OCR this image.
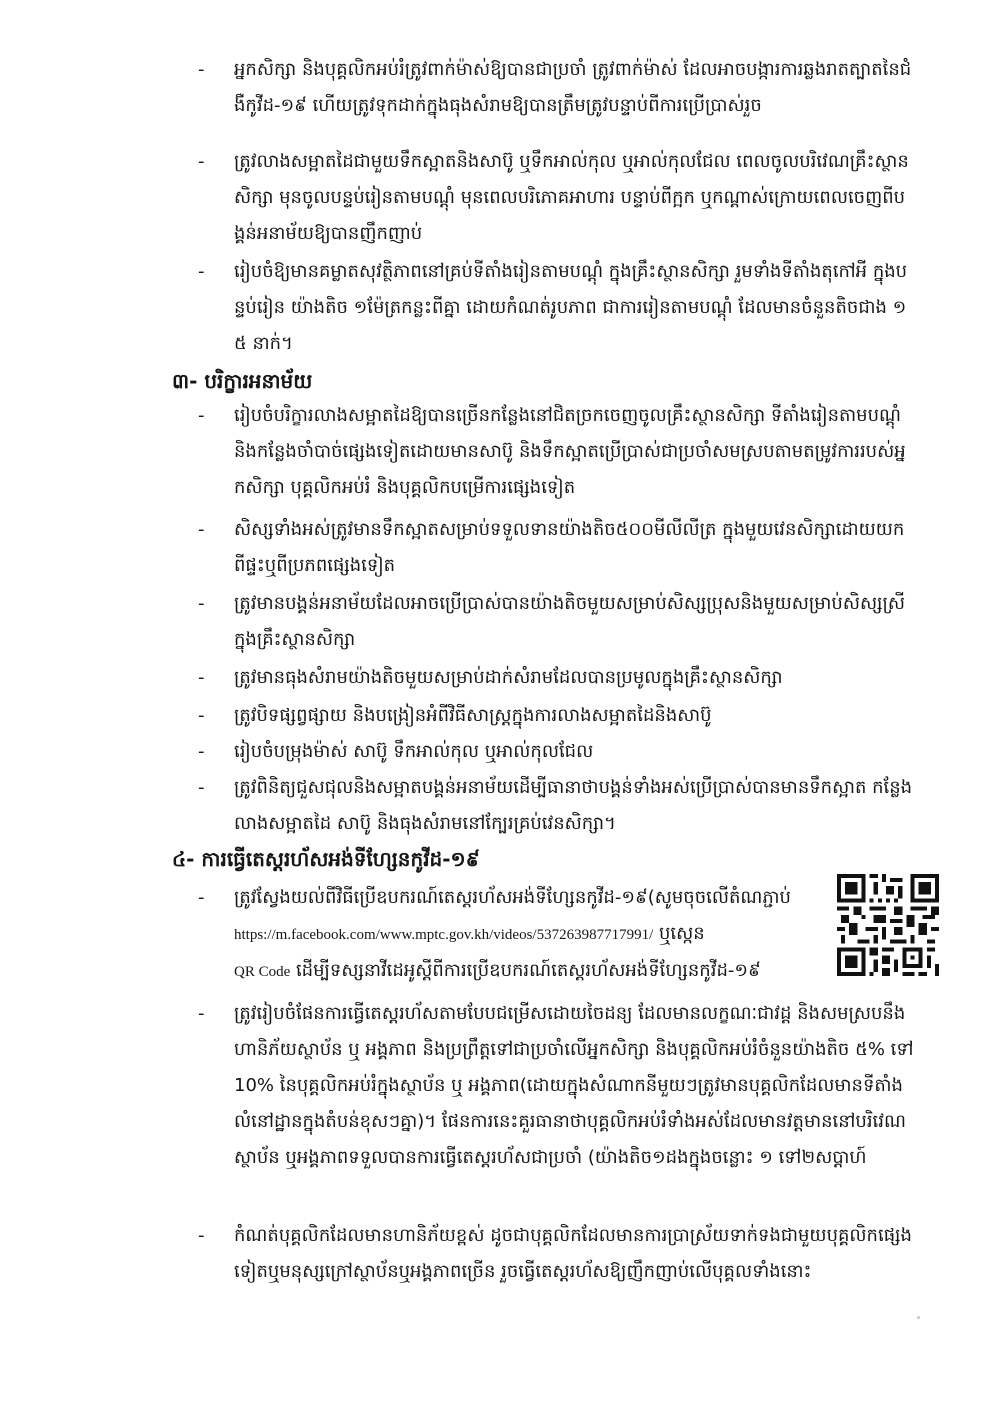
-	អ្នកសិក្សា និងបុគ្គលិកអប់រំត្រូវពាក់ម៉ាស់ឱ្យបានជាប្រចាំ ត្រូវពាក់ម៉ាស់ ដែលអាចបង្ការការឆ្លងរាតត្បាតនៃជំងឺកូវីដ-១៩ ហើយត្រូវទុកដាក់ក្នុងធុងសំរាមឱ្យបានត្រឹមត្រូវបន្ទាប់ពីការប្រើប្រាស់រួច
-	ត្រូវលាងសម្អាតដៃជាមួយទឹកស្អាតនិងសាប៊ូ ឬទឹកអាល់កុល ឬអាល់កុលជែល ពេលចូលបរិវេណគ្រឹះស្ថានសិក្សា មុនចូលបន្ទប់រៀនតាមបណ្ដុំ មុនពេលបរិភោគអាហារ បន្ទាប់ពីក្អក ឬកណ្ដាស់ក្រោយពេលចេញពីបង្គន់អនាម័យឱ្យបានញឹកញាប់
-	រៀបចំឱ្យមានគម្លាតសុវត្ថិភាពនៅគ្រប់ទីតាំងរៀនតាមបណ្ដុំ ក្នុងគ្រឹះស្ថានសិក្សា រួមទាំងទីតាំងតុកៅអី ក្នុងបន្ទប់រៀន យ៉ាងតិច ១ម៉ែត្រកន្លះពីគ្នា ដោយកំណត់រូបភាព ជាការរៀនតាមបណ្ដុំ ដែលមានចំនួនតិចជាង ១៥ នាក់។
៣- បរិក្ខារអនាម័យ
-	រៀបចំបរិក្ខារលាងសម្អាតដៃឱ្យបានច្រើនកន្លែងនៅជិតច្រកចេញចូលគ្រឹះស្ថានសិក្សា ទីតាំងរៀនតាមបណ្ដុំ និងកន្លែងចាំបាច់ផ្សេងទៀតដោយមានសាប៊ូ និងទឹកស្អាតប្រើប្រាស់ជាប្រចាំសមស្របតាមតម្រូវការរបស់អ្នកសិក្សា បុគ្គលិកអប់រំ និងបុគ្គលិកបម្រើការផ្សេងទៀត
-	សិស្សទាំងអស់ត្រូវមានទឹកស្អាតសម្រាប់ទទួលទានយ៉ាងតិច៥០០មីលីលីត្រ ក្នុងមួយវេនសិក្សាដោយយកពីផ្ទះឬពីប្រភពផ្សេងទៀត
-	ត្រូវមានបង្គន់អនាម័យដែលអាចប្រើប្រាស់បានយ៉ាងតិចមួយសម្រាប់សិស្សប្រុសនិងមួយសម្រាប់សិស្សស្រីក្នុងគ្រឹះស្ថានសិក្សា
-	ត្រូវមានធុងសំរាមយ៉ាងតិចមួយសម្រាប់ដាក់សំរាមដែលបានប្រមូលក្នុងគ្រឹះស្ថានសិក្សា
-	ត្រូវបិទផ្សព្វផ្សាយ និងបង្រៀនអំពីវិធីសាស្ត្រក្នុងការលាងសម្អាតដៃនិងសាប៊ូ
-	រៀបចំបម្រុងម៉ាស់ សាប៊ូ ទឹកអាល់កុល ឬអាល់កុលជែល
-	ត្រូវពិនិត្យជួសជុលនិងសម្អាតបង្គន់អនាម័យដើម្បីធានាថាបង្គន់ទាំងអស់ប្រើប្រាស់បានមានទឹកស្អាត កន្លែងលាងសម្អាតដៃ សាប៊ូ និងធុងសំរាមនៅក្បែរគ្រប់វេនសិក្សា។
៤- ការធ្វើតេស្តរហ័សអង់ទីហ្សែនកូវីដ-១៩
-	ត្រូវស្វែងយល់ពីវិធីប្រើឧបករណ៍តេស្តរហ័សអង់ទីហ្សែនកូវីដ-១៩(សូមចុចលើតំណភ្ជាប់ https://m.facebook.com/www.mptc.gov.kh/videos/537263987717991/ ឬស្កេន
QR Code ដើម្បីទស្សនាវីដេអូស្ដីពីការប្រើឧបករណ៍តេស្តរហ័សអង់ទីហ្សែនកូវីដ-១៩
-	ត្រូវរៀបចំផែនការធ្វើតេស្តរហ័សតាមបែបជម្រើសដោយចៃដន្យ ដែលមានលក្ខណៈជាវដ្ត និងសមស្របនឹងហានិភ័យស្ថាប័ន ឬ អង្គភាព និងប្រព្រឹត្តទៅជាប្រចាំលើអ្នកសិក្សា និងបុគ្គលិកអប់រំចំនួនយ៉ាងតិច ៥% ទៅ 10% នៃបុគ្គលិកអប់រំក្នុងស្ថាប័ន ឬ អង្គភាព(ដោយក្នុងសំណាកនីមួយៗត្រូវមានបុគ្គលិកដែលមានទីតាំងលំនៅដ្ឋានក្នុងតំបន់ខុសៗគ្នា)។ ផែនការនេះគួរធានាថាបុគ្គលិកអប់រំទាំងអស់ដែលមានវត្តមាននៅបរិវេណស្ថាប័ន ឬអង្គភាពទទួលបានការធ្វើតេស្តរហ័សជាប្រចាំ (យ៉ាងតិច១ដងក្នុងចន្លោះ ១ ទៅ២សប្ដាហ៍
-	កំណត់បុគ្គលិកដែលមានហានិភ័យខ្ពស់ ដូចជាបុគ្គលិកដែលមានការប្រាស្រ័យទាក់ទងជាមួយបុគ្គលិកផ្សេងទៀតឬមនុស្សក្រៅស្ថាប័នឬអង្គភាពច្រើន រួចធ្វើតេស្តរហ័សឱ្យញឹកញាប់លើបុគ្គលទាំងនោះ
